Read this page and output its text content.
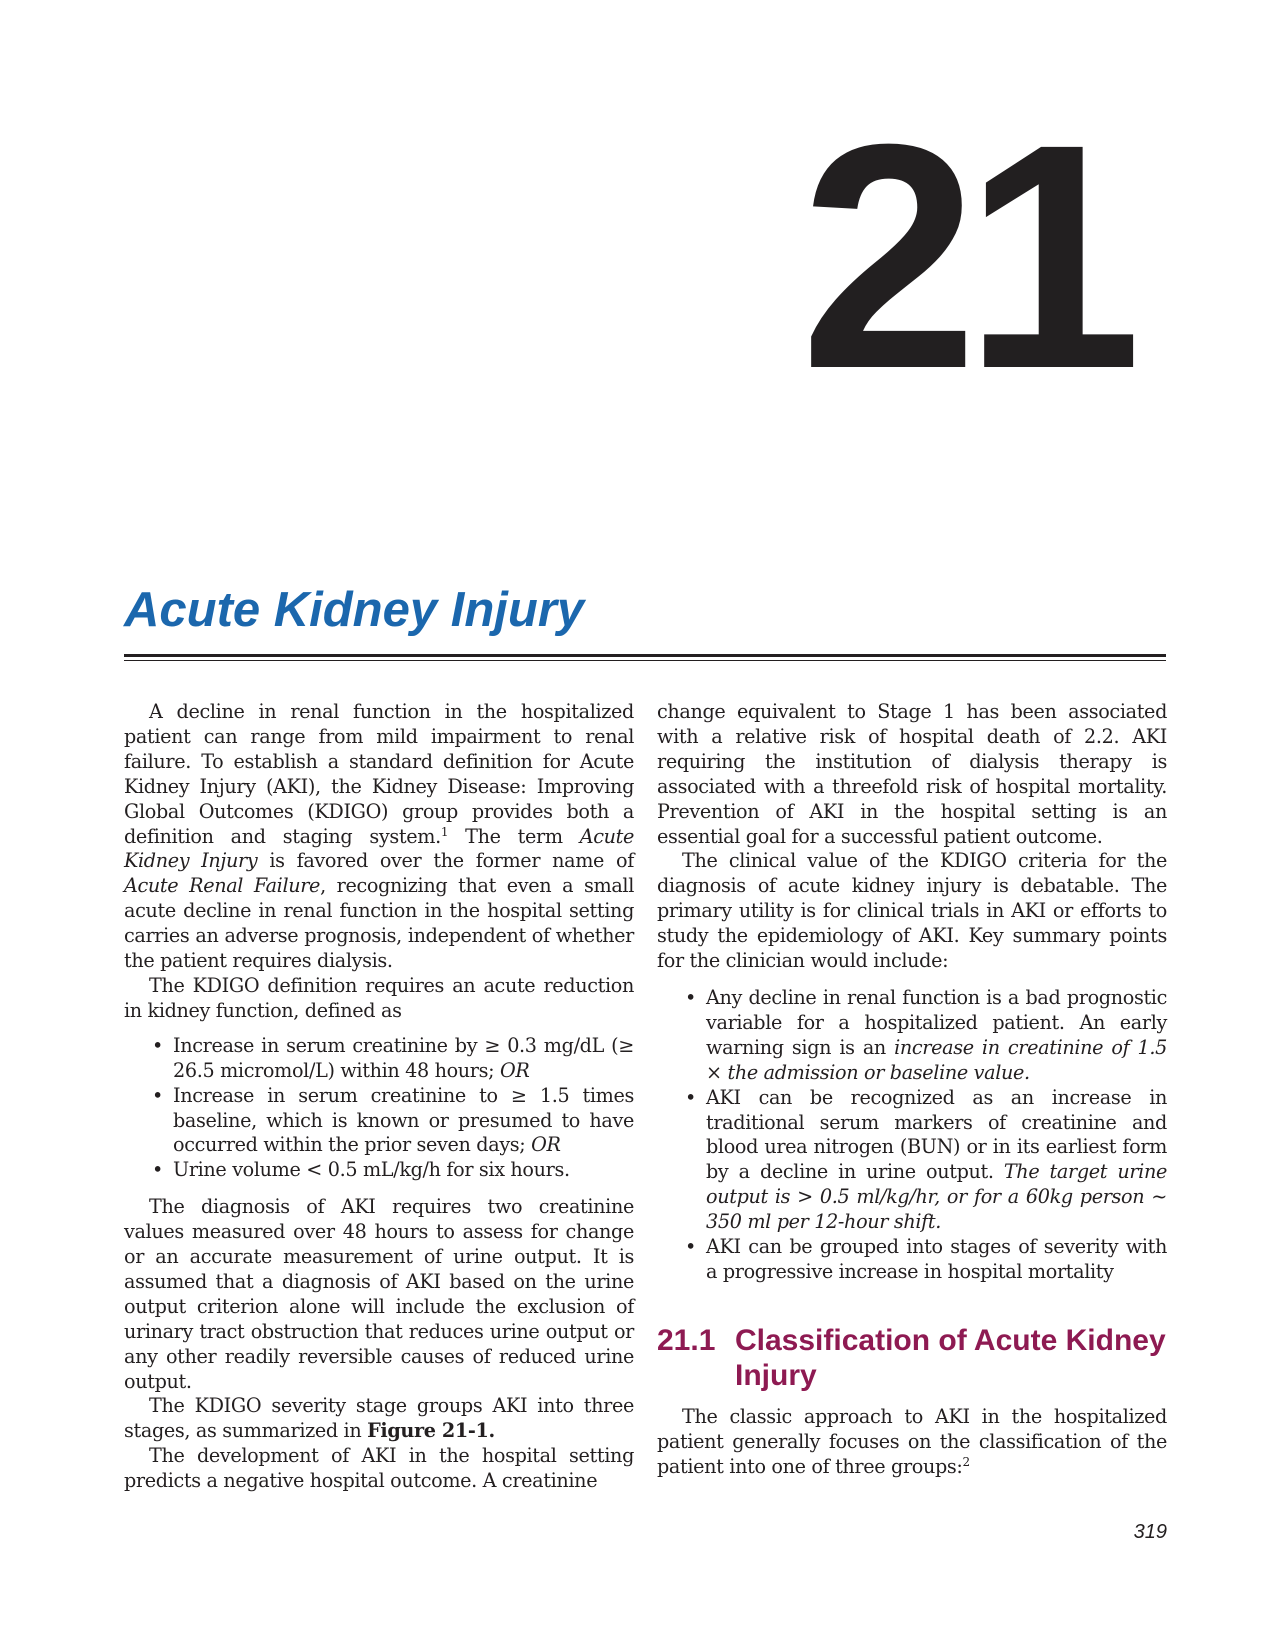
21
Acute Kidney Injury

A decline in renal function in the hospitalized patient can range from mild impairment to renal failure. To establish a standard definition for Acute Kidney Injury (AKI), the Kidney Disease: Improving Global Outcomes (KDIGO) group provides both a definition and staging system.$^1$ The term Acute Kidney Injury is favored over the former name of Acute Renal Failure, recognizing that even a small acute decline in renal function in the hospital setting carries an adverse prognosis, independent of whether the patient requires dialysis.

The KDIGO definition requires an acute reduction in kidney function, defined as

• Increase in serum creatinine by ≥ 0.3 mg/dL (≥ 26.5 micromol/L) within 48 hours; OR
• Increase in serum creatinine to ≥ 1.5 times baseline, which is known or presumed to have occurred within the prior seven days; OR
• Urine volume < 0.5 mL/kg/h for six hours.

The diagnosis of AKI requires two creatinine values measured over 48 hours to assess for change or an accurate measurement of urine output. It is assumed that a diagnosis of AKI based on the urine output criterion alone will include the exclusion of urinary tract obstruction that reduces urine output or any other readily reversible causes of reduced urine output.

The KDIGO severity stage groups AKI into three stages, as summarized in Figure 21-1.

The development of AKI in the hospital setting predicts a negative hospital outcome. A creatinine

change equivalent to Stage 1 has been associated with a relative risk of hospital death of 2.2. AKI requiring the institution of dialysis therapy is associated with a threefold risk of hospital mortality. Prevention of AKI in the hospital setting is an essential goal for a successful patient outcome.

The clinical value of the KDIGO criteria for the diagnosis of acute kidney injury is debatable. The primary utility is for clinical trials in AKI or efforts to study the epidemiology of AKI. Key summary points for the clinician would include:

• Any decline in renal function is a bad prognostic variable for a hospitalized patient. An early warning sign is an increase in creatinine of 1.5 × the admission or baseline value.
• AKI can be recognized as an increase in traditional serum markers of creatinine and blood urea nitrogen (BUN) or in its earliest form by a decline in urine output. The target urine output is > 0.5 ml/kg/hr, or for a 60kg person ~ 350 ml per 12-hour shift.
• AKI can be grouped into stages of severity with a progressive increase in hospital mortality
21.1 Classification of Acute Kidney Injury

The classic approach to AKI in the hospitalized patient generally focuses on the classification of the patient into one of three groups:$^2$

319
